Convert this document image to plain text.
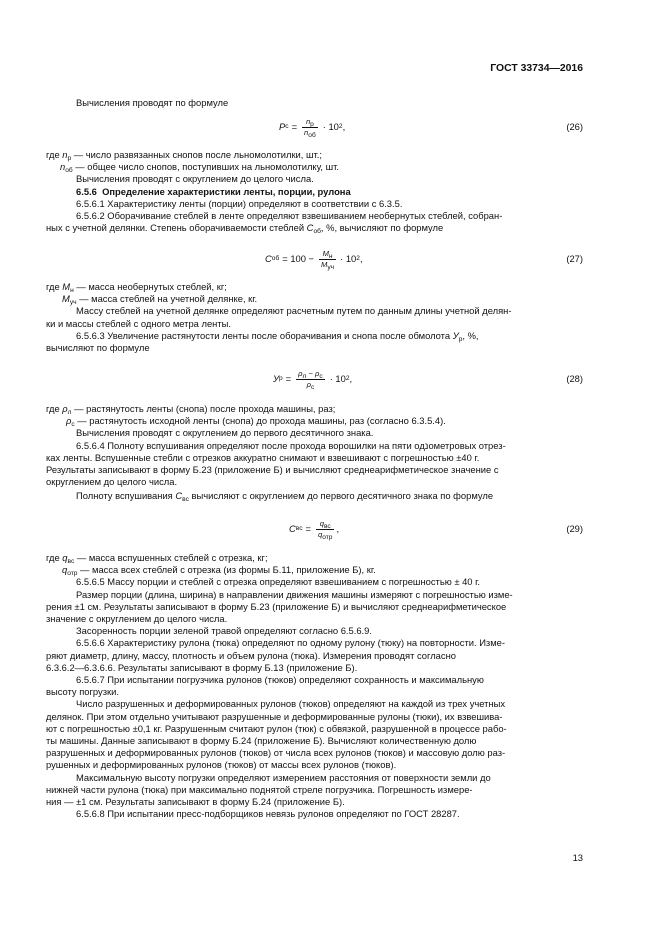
ГОСТ 33734—2016

Вычисления проводят по формуле

P $с = \frac{n_р}{n_{об}} \cdot 10$ 2 ,	(26)

где $n_р$ — число развязанных снопов после льномолотилки, шт.;

$n_{об}$ — общее число снопов, поступивших на льномолотилку, шт.

Вычисления проводят с округлением до целого числа.

6.5.6 Определение характеристики ленты, порции, рулона

6.5.6.1 Характеристику ленты (порции) определяют в соответствии с 6.3.5.

6.5.6.2 Оборачивание стеблей в ленте определяют взвешиванием необернутых стеблей, собран-

ных с учетной делянки. Степень оборачиваемости стеблей $С_{об}$, %, вычисляют по формуле

С об = $100 - \frac{M_н}{M_{уч}} \cdot 10$ 2 ,	(27)

где $M_н$ — масса необернутых стеблей, кг;

$M_{уч}$ — масса стеблей на учетной делянке, кг.

Массу стеблей на учетной делянке определяют расчетным путем по данным длины учетной делян-

ки и массы стеблей с одного метра ленты.

6.5.6.3 Увеличение растянутости ленты после оборачивания и снопа после обмолота $У_р$, %,

вычисляют по формуле

У $р = \frac{\rho_л - \rho_с}{\rho_с} \cdot 10$ 2 ,	(28)

где $\rho_л$ — растянутость ленты (снопа) после прохода машины, раз;

$\rho_с$ — растянутость исходной ленты (снопа) до прохода машины, раз (согласно 6.3.5.4).

Вычисления проводят с округлением до первого десятичного знака.

6.5.6.4 Полноту вспушивания определяют после прохода ворошилки на пяти одנометровых отрез-

ках ленты. Вспушенные стебли с отрезков аккуратно снимают и взвешивают с погрешностью ±40 г.

Результаты записывают в форму Б.23 (приложение Б) и вычисляют среднеарифметическое значение с

округлением до целого числа.

Полноту вспушивания $С_{вс}$ вычисляют с округлением до первого десятичного знака по формуле

С вс = $\frac{q_{вс}}{q_{отр}}$ ,	(29)

где $q_{вс}$ — масса вспушенных стеблей с отрезка, кг;

$q_{отр}$ — масса всех стеблей с отрезка (из формы Б.11, приложение Б), кг.

6.5.6.5 Массу порции и стеблей с отрезка определяют взвешиванием с погрешностью ± 40 г.

Размер порции (длина, ширина) в направлении движения машины измеряют с погрешностью изме-

рения ±1 см. Результаты записывают в форму Б.23 (приложение Б) и вычисляют среднеарифметическое

значение с округлением до целого числа.

Засоренность порции зеленой травой определяют согласно 6.5.6.9.

6.5.6.6 Характеристику рулона (тюка) определяют по одному рулону (тюку) на повторности. Изме-

ряют диаметр, длину, массу, плотность и объем рулона (тюка). Измерения проводят согласно

6.3.6.2—6.3.6.6. Результаты записывают в форму Б.13 (приложение Б).

6.5.6.7 При испытании погрузчика рулонов (тюков) определяют сохранность и максимальную

высоту погрузки.

Число разрушенных и деформированных рулонов (тюков) определяют на каждой из трех учетных

делянок. При этом отдельно учитывают разрушенные и деформированные рулоны (тюки), их взвешива-

ют с погрешностью ±0,1 кг. Разрушенным считают рулон (тюк) с обвязкой, разрушенной в процессе рабо-

ты машины. Данные записывают в форму Б.24 (приложение Б). Вычисляют количественную долю

разрушенных и деформированных рулонов (тюков) от числа всех рулонов (тюков) и массовую долю раз-

рушенных и деформированных рулонов (тюков) от массы всех рулонов (тюков).

Максимальную высоту погрузки определяют измерением расстояния от поверхности земли до

нижней части рулона (тюка) при максимально поднятой стреле погрузчика. Погрешность измере-

ния — ±1 см. Результаты записывают в форму Б.24 (приложение Б).

6.5.6.8 При испытании пресс-подборщиков невязь рулонов определяют по ГОСТ 28287.

13
